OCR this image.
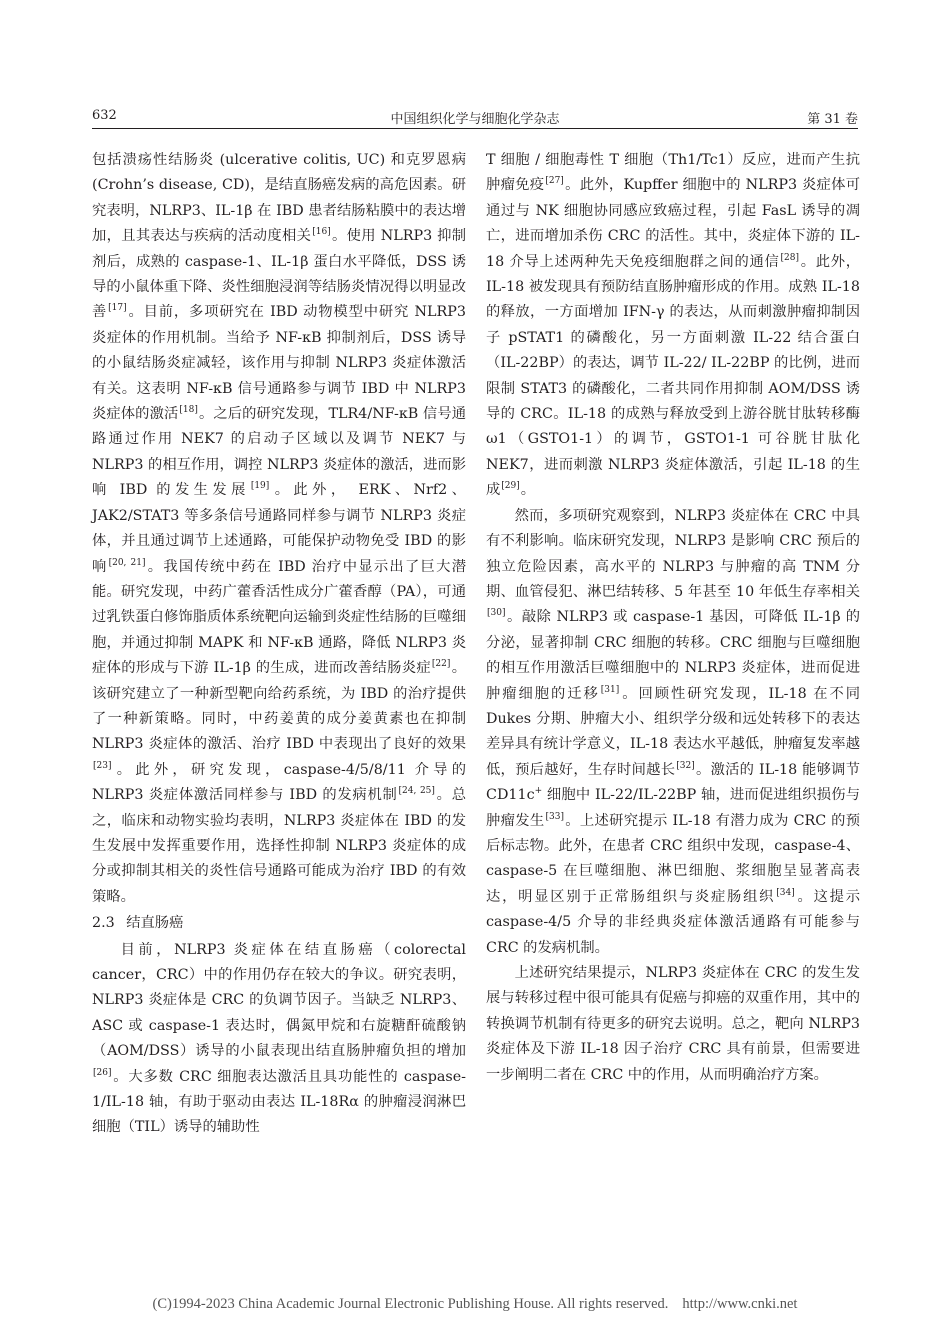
632	中国组织化学与细胞化学杂志	第 31 卷

包括溃疡性结肠炎 (ulcerative colitis, UC) 和克罗恩病 (Crohn’s disease, CD)，是结直肠癌发病的高危因素。研究表明，NLRP3、IL-1β 在 IBD 患者结肠粘膜中的表达增加，且其表达与疾病的活动度相关[16]。使用 NLRP3 抑制剂后，成熟的 caspase-1、IL-1β 蛋白水平降低，DSS 诱导的小鼠体重下降、炎性细胞浸润等结肠炎情况得以明显改善[17]。目前，多项研究在 IBD 动物模型中研究 NLRP3 炎症体的作用机制。当给予 NF-κB 抑制剂后，DSS 诱导的小鼠结肠炎症减轻，该作用与抑制 NLRP3 炎症体激活有关。这表明 NF-κB 信号通路参与调节 IBD 中 NLRP3 炎症体的激活[18]。之后的研究发现，TLR4/NF-κB 信号通路通过作用 NEK7 的启动子区域以及调节 NEK7 与 NLRP3 的相互作用，调控 NLRP3 炎症体的激活，进而影响 IBD 的发生发展[19]。此外， ERK、Nrf2、JAK2/STAT3 等多条信号通路同样参与调节 NLRP3 炎症体，并且通过调节上述通路，可能保护动物免受 IBD 的影响[20, 21]。我国传统中药在 IBD 治疗中显示出了巨大潜能。研究发现，中药广藿香活性成分广藿香醇（PA），可通过乳铁蛋白修饰脂质体系统靶向运输到炎症性结肠的巨噬细胞，并通过抑制 MAPK 和 NF-κB 通路，降低 NLRP3 炎症体的形成与下游 IL-1β 的生成，进而改善结肠炎症[22]。该研究建立了一种新型靶向给药系统，为 IBD 的治疗提供了一种新策略。同时，中药姜黄的成分姜黄素也在抑制 NLRP3 炎症体的激活、治疗 IBD 中表现出了良好的效果[23]。此外，研究发现，caspase-4/5/8/11 介导的 NLRP3 炎症体激活同样参与 IBD 的发病机制[24, 25]。总之，临床和动物实验均表明，NLRP3 炎症体在 IBD 的发生发展中发挥重要作用，选择性抑制 NLRP3 炎症体的成分或抑制其相关的炎性信号通路可能成为治疗 IBD 的有效策略。

2.3 结直肠癌

目前，NLRP3 炎症体在结直肠癌（colorectal cancer，CRC）中的作用仍存在较大的争议。研究表明，NLRP3 炎症体是 CRC 的负调节因子。当缺乏 NLRP3、ASC 或 caspase-1 表达时，偶氮甲烷和右旋糖酐硫酸钠（AOM/DSS）诱导的小鼠表现出结直肠肿瘤负担的增加[26]。大多数 CRC 细胞表达激活且具功能性的 caspase-1/IL-18 轴，有助于驱动由表达 IL-18Rα 的肿瘤浸润淋巴细胞（TIL）诱导的辅助性

T 细胞 / 细胞毒性 T 细胞（Th1/Tc1）反应，进而产生抗肿瘤免疫[27]。此外，Kupffer 细胞中的 NLRP3 炎症体可通过与 NK 细胞协同感应致癌过程，引起 FasL 诱导的凋亡，进而增加杀伤 CRC 的活性。其中，炎症体下游的 IL-18 介导上述两种先天免疫细胞群之间的通信[28]。此外，IL-18 被发现具有预防结直肠肿瘤形成的作用。成熟 IL-18 的释放，一方面增加 IFN-γ 的表达，从而刺激肿瘤抑制因子 pSTAT1 的磷酸化，另一方面刺激 IL-22 结合蛋白（IL-22BP）的表达，调节 IL-22/ IL-22BP 的比例，进而限制 STAT3 的磷酸化，二者共同作用抑制 AOM/DSS 诱导的 CRC。IL-18 的成熟与释放受到上游谷胱甘肽转移酶 ω1（GSTO1-1）的调节，GSTO1-1 可谷胱甘肽化 NEK7，进而刺激 NLRP3 炎症体激活，引起 IL-18 的生成[29]。

然而，多项研究观察到，NLRP3 炎症体在 CRC 中具有不利影响。临床研究发现，NLRP3 是影响 CRC 预后的独立危险因素，高水平的 NLRP3 与肿瘤的高 TNM 分期、血管侵犯、淋巴结转移、5 年甚至 10 年低生存率相关[30]。敲除 NLRP3 或 caspase-1 基因，可降低 IL-1β 的分泌，显著抑制 CRC 细胞的转移。CRC 细胞与巨噬细胞的相互作用激活巨噬细胞中的 NLRP3 炎症体，进而促进肿瘤细胞的迁移[31]。回顾性研究发现，IL-18 在不同 Dukes 分期、肿瘤大小、组织学分级和远处转移下的表达差异具有统计学意义，IL-18 表达水平越低，肿瘤复发率越低，预后越好，生存时间越长[32]。激活的 IL-18 能够调节 CD11c+ 细胞中 IL-22/IL-22BP 轴，进而促进组织损伤与肿瘤发生[33]。上述研究提示 IL-18 有潜力成为 CRC 的预后标志物。此外，在患者 CRC 组织中发现，caspase-4、caspase-5 在巨噬细胞、淋巴细胞、浆细胞呈显著高表达，明显区别于正常肠组织与炎症肠组织[34]。这提示 caspase-4/5 介导的非经典炎症体激活通路有可能参与 CRC 的发病机制。

上述研究结果提示，NLRP3 炎症体在 CRC 的发生发展与转移过程中很可能具有促癌与抑癌的双重作用，其中的转换调节机制有待更多的研究去说明。总之，靶向 NLRP3 炎症体及下游 IL-18 因子治疗 CRC 具有前景，但需要进一步阐明二者在 CRC 中的作用，从而明确治疗方案。

(C)1994-2023 China Academic Journal Electronic Publishing House. All rights reserved. http://www.cnki.net
